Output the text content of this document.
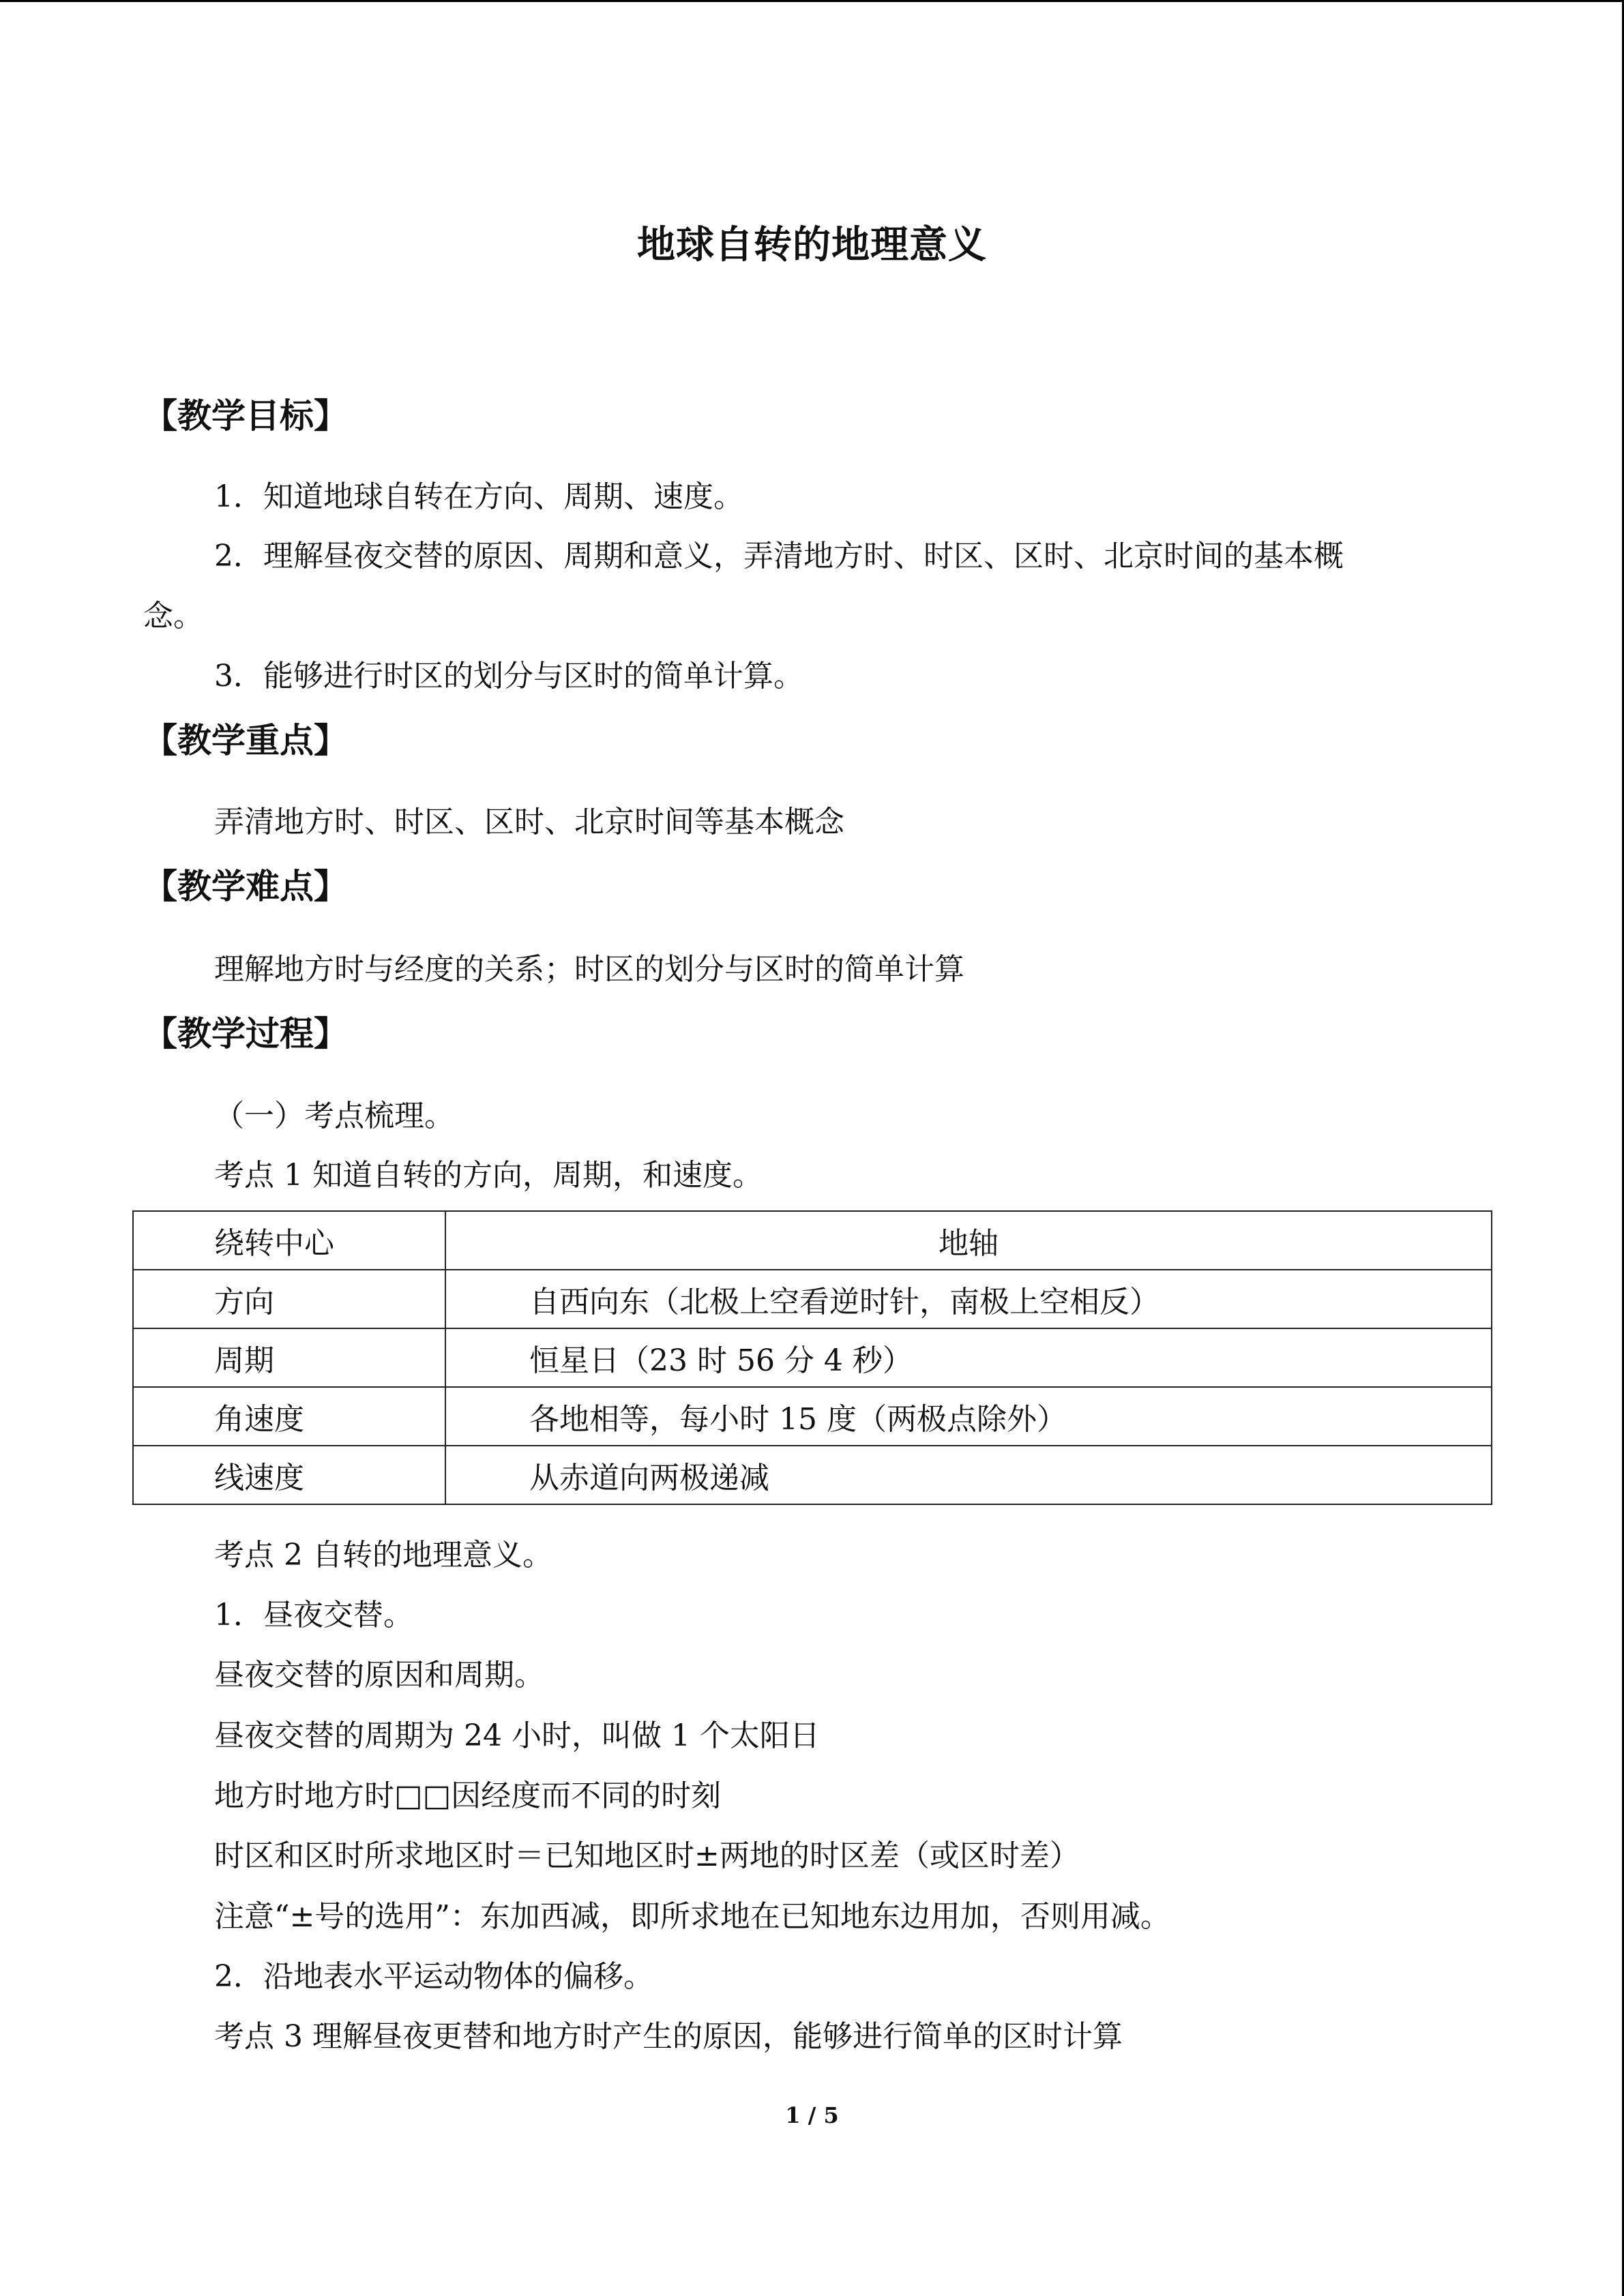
地球自转的地理意义
【教学目标】
1．知道地球自转在方向、周期、速度。
2．理解昼夜交替的原因、周期和意义，弄清地方时、时区、区时、北京时间的基本概
念。
3．能够进行时区的划分与区时的简单计算。
【教学重点】
弄清地方时、时区、区时、北京时间等基本概念
【教学难点】
理解地方时与经度的关系；时区的划分与区时的简单计算
【教学过程】
（一）考点梳理。
考点 1 知道自转的方向，周期，和速度。
绕转中心	地轴
方向	自西向东（北极上空看逆时针，南极上空相反）
周期	恒星日（23 时 56 分 4 秒）
角速度	各地相等，每小时 15 度（两极点除外）
线速度	从赤道向两极递减
考点 2 自转的地理意义。
1．昼夜交替。
昼夜交替的原因和周期。
昼夜交替的周期为 24 小时，叫做 1 个太阳日
地方时地方时□□因经度而不同的时刻
时区和区时所求地区时＝已知地区时±两地的时区差（或区时差）
注意“±号的选用”：东加西减，即所求地在已知地东边用加，否则用减。
2．沿地表水平运动物体的偏移。
考点 3 理解昼夜更替和地方时产生的原因，能够进行简单的区时计算
1 / 5
